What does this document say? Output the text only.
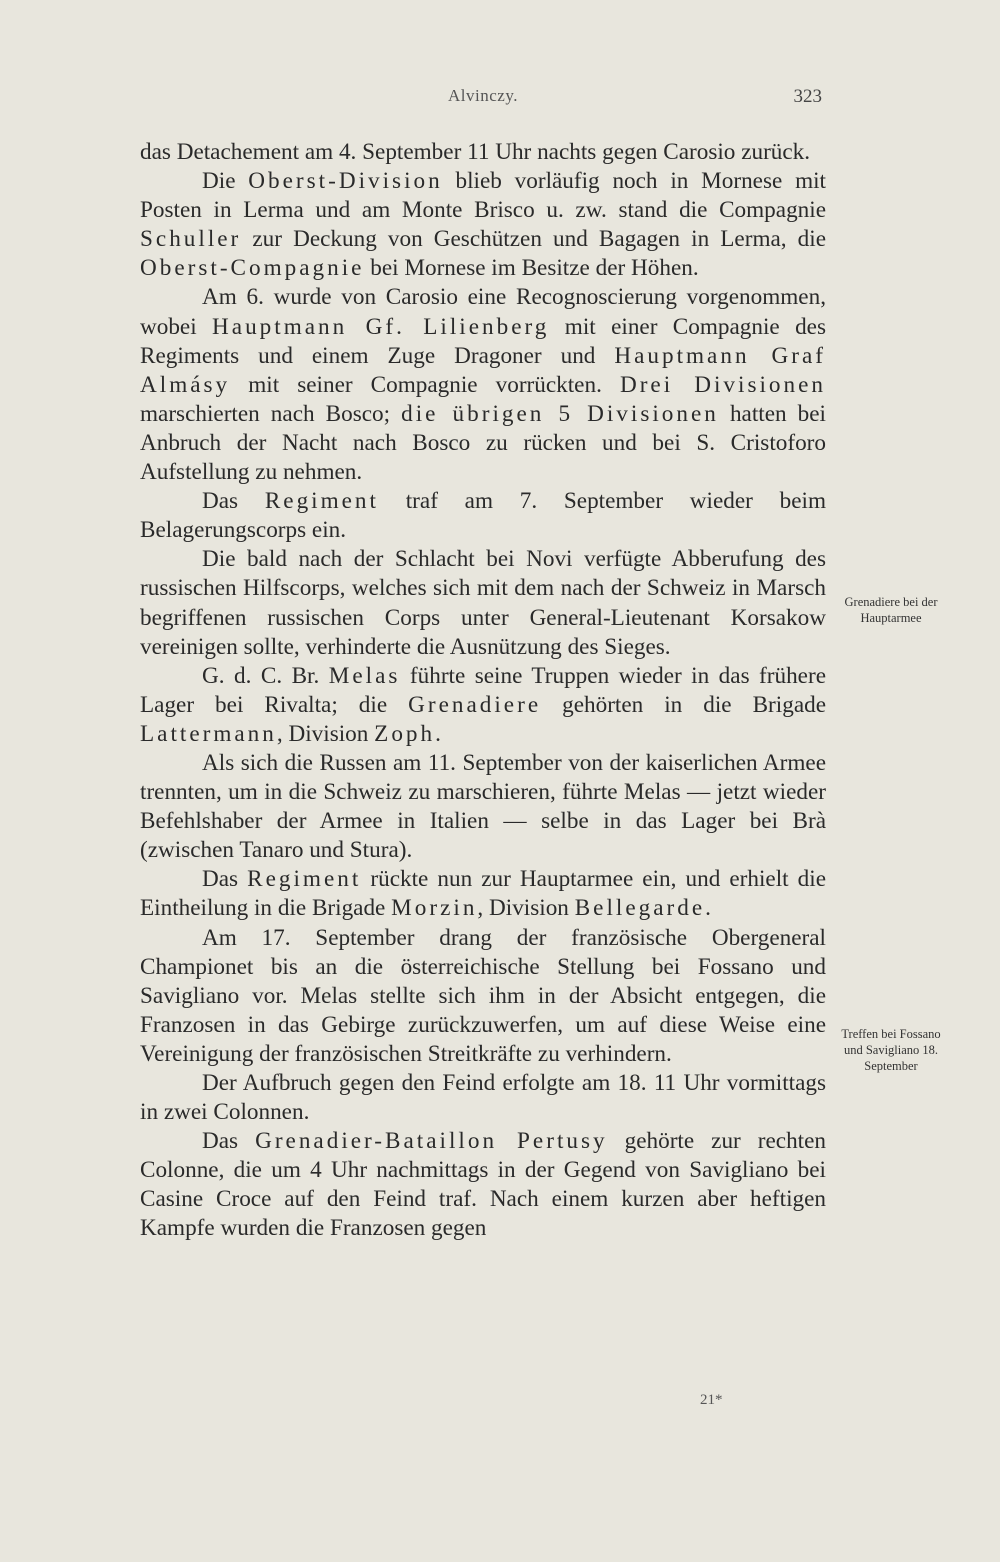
Alvinczy.	323

das Detachement am 4. September 11 Uhr nachts gegen Carosio zurück.

Die Oberst-Division blieb vorläufig noch in Mornese mit Posten in Lerma und am Monte Brisco u. zw. stand die Compagnie Schuller zur Deckung von Geschützen und Bagagen in Lerma, die Oberst-Compagnie bei Mornese im Besitze der Höhen.

Am 6. wurde von Carosio eine Recognoscierung vorgenommen, wobei Hauptmann Gf. Lilienberg mit einer Compagnie des Regiments und einem Zuge Dragoner und Hauptmann Graf Almásy mit seiner Compagnie vorrückten. Drei Divisionen marschierten nach Bosco; die übrigen 5 Divisionen hatten bei Anbruch der Nacht nach Bosco zu rücken und bei S. Cristoforo Aufstellung zu nehmen.

Das Regiment traf am 7. September wieder beim Belagerungscorps ein.

Die bald nach der Schlacht bei Novi verfügte Abberufung des russischen Hilfscorps, welches sich mit dem nach der Schweiz in Marsch begriffenen russischen Corps unter General-Lieutenant Korsakow vereinigen sollte, verhinderte die Ausnützung des Sieges.

G. d. C. Br. Melas führte seine Truppen wieder in das frühere Lager bei Rivalta; die Grenadiere gehörten in die Brigade Lattermann, Division Zoph.

Als sich die Russen am 11. September von der kaiserlichen Armee trennten, um in die Schweiz zu marschieren, führte Melas — jetzt wieder Befehlshaber der Armee in Italien — selbe in das Lager bei Brà (zwischen Tanaro und Stura).

Das Regiment rückte nun zur Hauptarmee ein, und erhielt die Eintheilung in die Brigade Morzin, Division Bellegarde.

Am 17. September drang der französische Obergeneral Championet bis an die österreichische Stellung bei Fossano und Savigliano vor. Melas stellte sich ihm in der Absicht entgegen, die Franzosen in das Gebirge zurückzuwerfen, um auf diese Weise eine Vereinigung der französischen Streitkräfte zu verhindern.

Der Aufbruch gegen den Feind erfolgte am 18. 11 Uhr vormittags in zwei Colonnen.

Das Grenadier-Bataillon Pertusy gehörte zur rechten Colonne, die um 4 Uhr nachmittags in der Gegend von Savigliano bei Casine Croce auf den Feind traf. Nach einem kurzen aber heftigen Kampfe wurden die Franzosen gegen

Grenadiere bei der Hauptarmee
Treffen bei Fossano und Savigliano 18. September
21*
